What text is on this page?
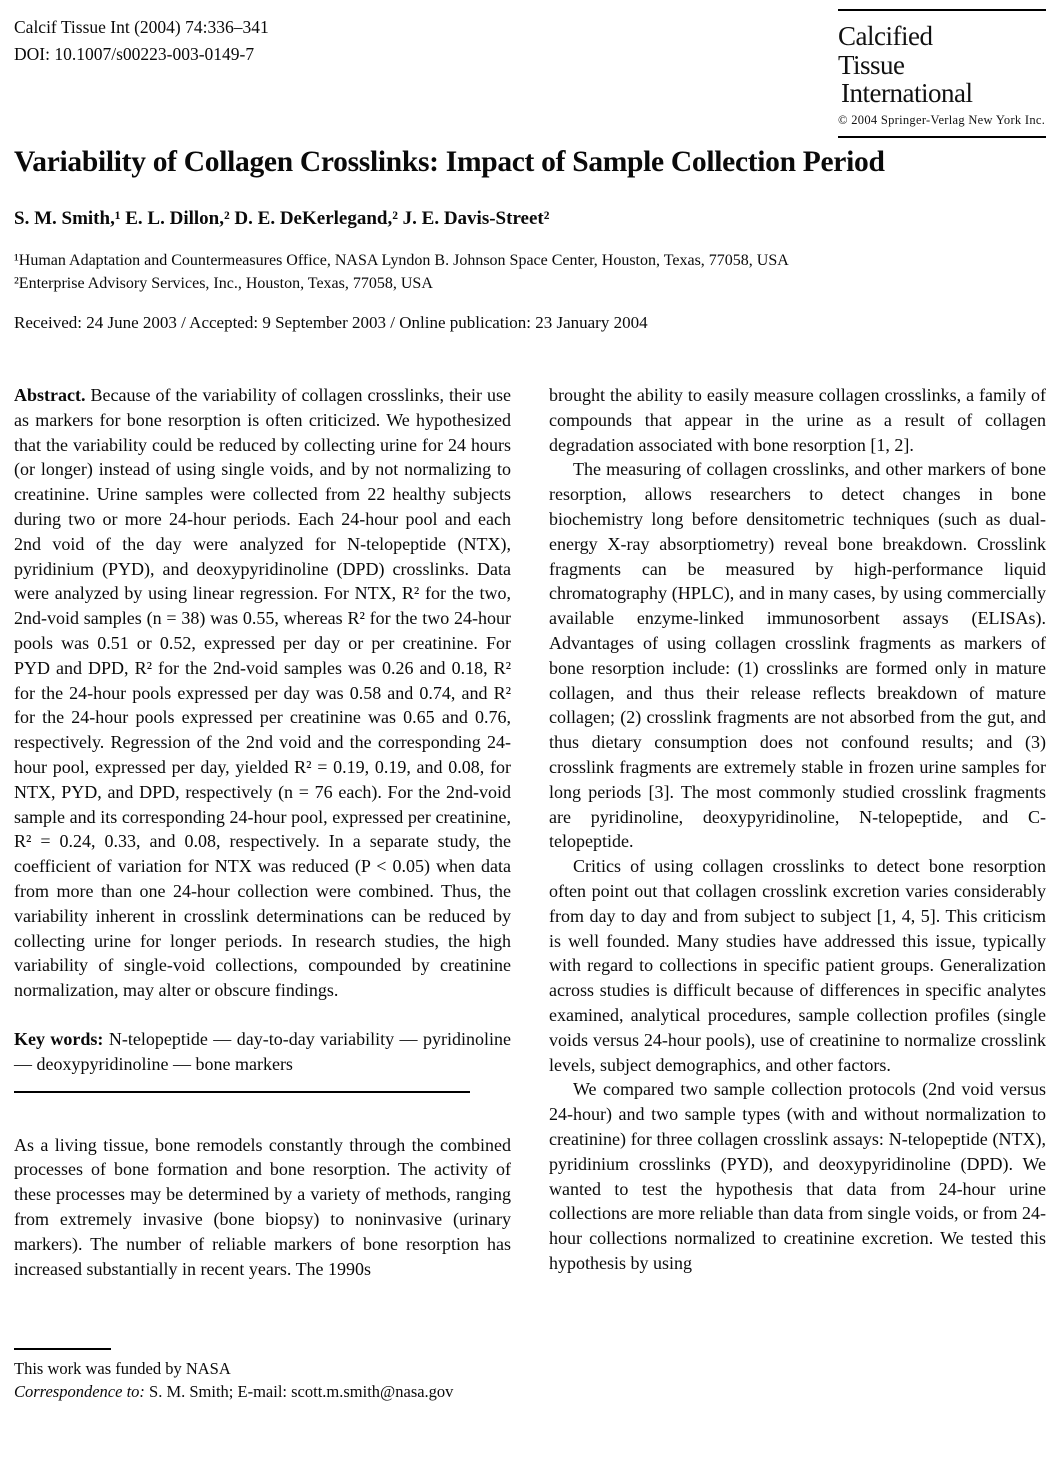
Calcif Tissue Int (2004) 74:336–341
DOI: 10.1007/s00223-003-0149-7
Calcified
Tissue
International
© 2004 Springer-Verlag New York Inc.
Variability of Collagen Crosslinks: Impact of Sample Collection Period
S. M. Smith,¹ E. L. Dillon,² D. E. DeKerlegand,² J. E. Davis-Street²
¹Human Adaptation and Countermeasures Office, NASA Lyndon B. Johnson Space Center, Houston, Texas, 77058, USA
²Enterprise Advisory Services, Inc., Houston, Texas, 77058, USA
Received: 24 June 2003 / Accepted: 9 September 2003 / Online publication: 23 January 2004

Abstract. Because of the variability of collagen crosslinks, their use as markers for bone resorption is often criticized. We hypothesized that the variability could be reduced by collecting urine for 24 hours (or longer) instead of using single voids, and by not normalizing to creatinine. Urine samples were collected from 22 healthy subjects during two or more 24-hour periods. Each 24-hour pool and each 2nd void of the day were analyzed for N-telopeptide (NTX), pyridinium (PYD), and deoxypyridinoline (DPD) crosslinks. Data were analyzed by using linear regression. For NTX, R² for the two, 2nd-void samples (n = 38) was 0.55, whereas R² for the two 24-hour pools was 0.51 or 0.52, expressed per day or per creatinine. For PYD and DPD, R² for the 2nd-void samples was 0.26 and 0.18, R² for the 24-hour pools expressed per day was 0.58 and 0.74, and R² for the 24-hour pools expressed per creatinine was 0.65 and 0.76, respectively. Regression of the 2nd void and the corresponding 24-hour pool, expressed per day, yielded R² = 0.19, 0.19, and 0.08, for NTX, PYD, and DPD, respectively (n = 76 each). For the 2nd-void sample and its corresponding 24-hour pool, expressed per creatinine, R² = 0.24, 0.33, and 0.08, respectively. In a separate study, the coefficient of variation for NTX was reduced (P < 0.05) when data from more than one 24-hour collection were combined. Thus, the variability inherent in crosslink determinations can be reduced by collecting urine for longer periods. In research studies, the high variability of single-void collections, compounded by creatinine normalization, may alter or obscure findings.

Key words: N-telopeptide — day-to-day variability — pyridinoline — deoxypyridinoline — bone markers

As a living tissue, bone remodels constantly through the combined processes of bone formation and bone resorption. The activity of these processes may be determined by a variety of methods, ranging from extremely invasive (bone biopsy) to noninvasive (urinary markers). The number of reliable markers of bone resorption has increased substantially in recent years. The 1990s

brought the ability to easily measure collagen crosslinks, a family of compounds that appear in the urine as a result of collagen degradation associated with bone resorption [1, 2].

The measuring of collagen crosslinks, and other markers of bone resorption, allows researchers to detect changes in bone biochemistry long before densitometric techniques (such as dual-energy X-ray absorptiometry) reveal bone breakdown. Crosslink fragments can be measured by high-performance liquid chromatography (HPLC), and in many cases, by using commercially available enzyme-linked immunosorbent assays (ELISAs). Advantages of using collagen crosslink fragments as markers of bone resorption include: (1) crosslinks are formed only in mature collagen, and thus their release reflects breakdown of mature collagen; (2) crosslink fragments are not absorbed from the gut, and thus dietary consumption does not confound results; and (3) crosslink fragments are extremely stable in frozen urine samples for long periods [3]. The most commonly studied crosslink fragments are pyridinoline, deoxypyridinoline, N-telopeptide, and C-telopeptide.

Critics of using collagen crosslinks to detect bone resorption often point out that collagen crosslink excretion varies considerably from day to day and from subject to subject [1, 4, 5]. This criticism is well founded. Many studies have addressed this issue, typically with regard to collections in specific patient groups. Generalization across studies is difficult because of differences in specific analytes examined, analytical procedures, sample collection profiles (single voids versus 24-hour pools), use of creatinine to normalize crosslink levels, subject demographics, and other factors.

We compared two sample collection protocols (2nd void versus 24-hour) and two sample types (with and without normalization to creatinine) for three collagen crosslink assays: N-telopeptide (NTX), pyridinium crosslinks (PYD), and deoxypyridinoline (DPD). We wanted to test the hypothesis that data from 24-hour urine collections are more reliable than data from single voids, or from 24-hour collections normalized to creatinine excretion. We tested this hypothesis by using

This work was funded by NASA
Correspondence to: S. M. Smith; E-mail: scott.m.smith@nasa.gov
